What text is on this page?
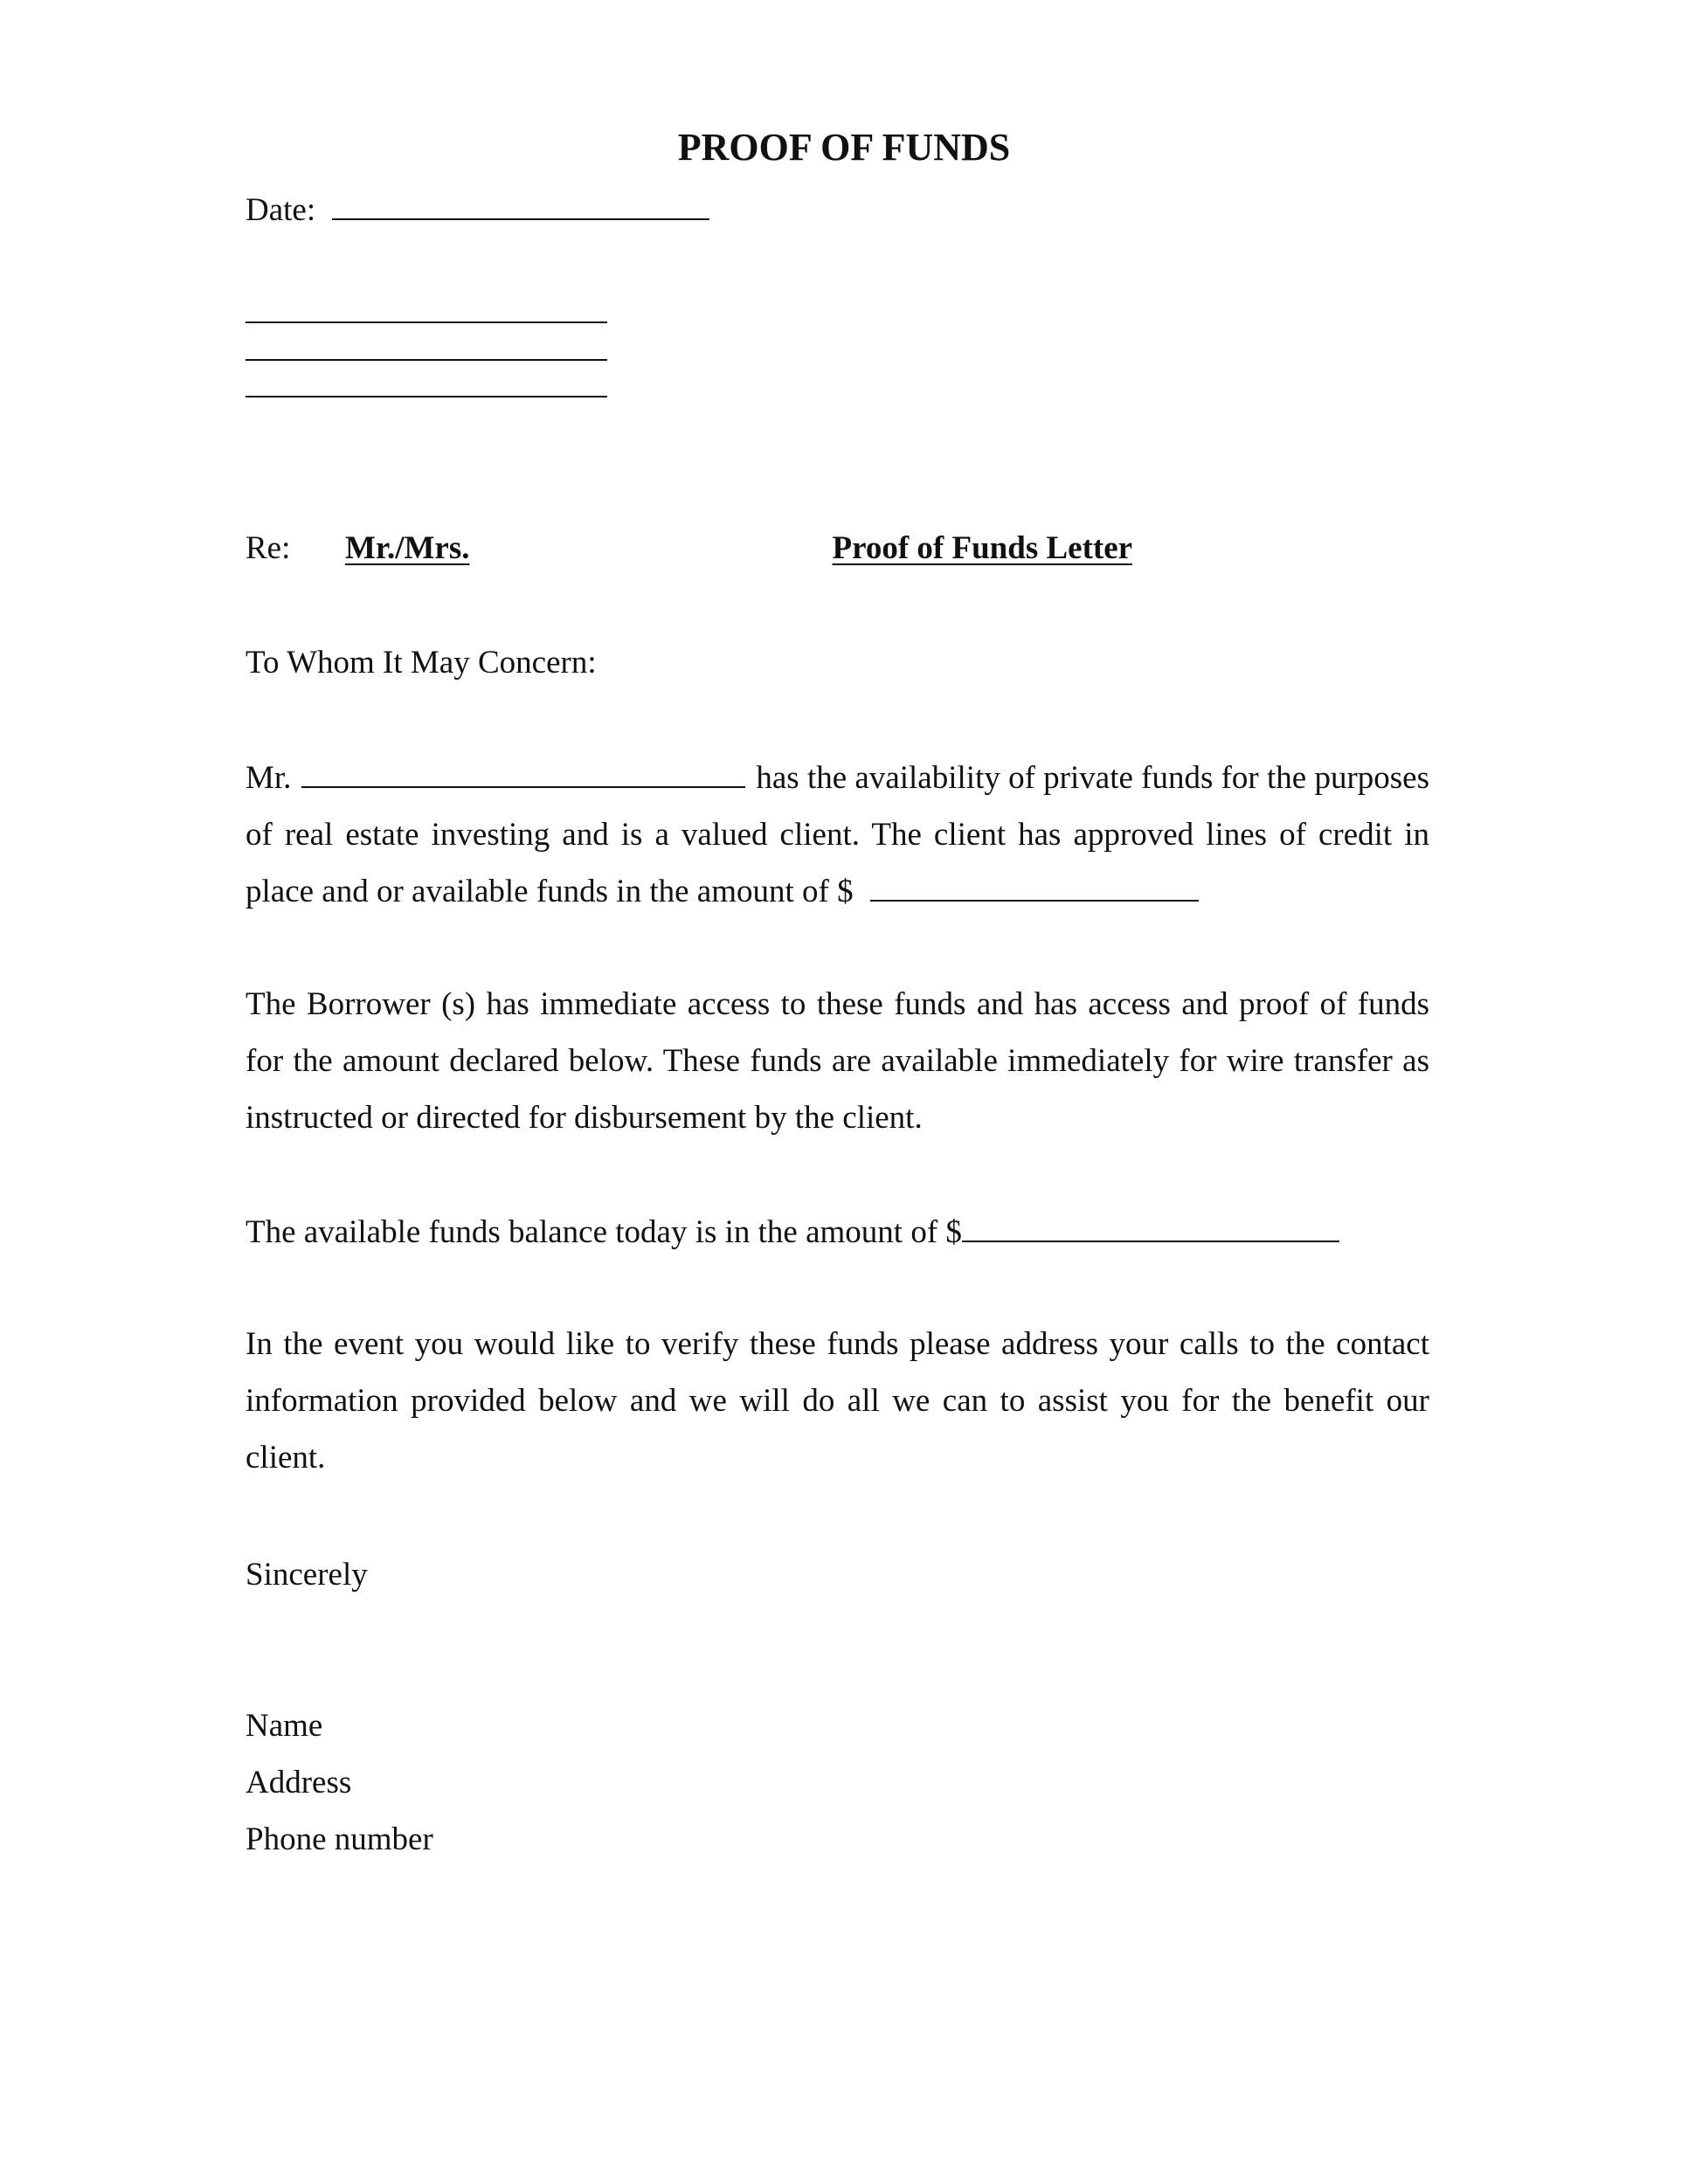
PROOF OF FUNDS
Date:
Re: Mr./Mrs.	Proof of Funds Letter
To Whom It May Concern:
Mr.	has the availability of private funds for the purposes
of real estate investing and is a valued client. The client has approved lines of credit in
place and or available funds in the amount of $
The Borrower (s) has immediate access to these funds and has access and proof of funds
for the amount declared below. These funds are available immediately for wire transfer as
instructed or directed for disbursement by the client.
The available funds balance today is in the amount of $
In the event you would like to verify these funds please address your calls to the contact
information provided below and we will do all we can to assist you for the benefit our
client.
Sincerely
Name
Address
Phone number
